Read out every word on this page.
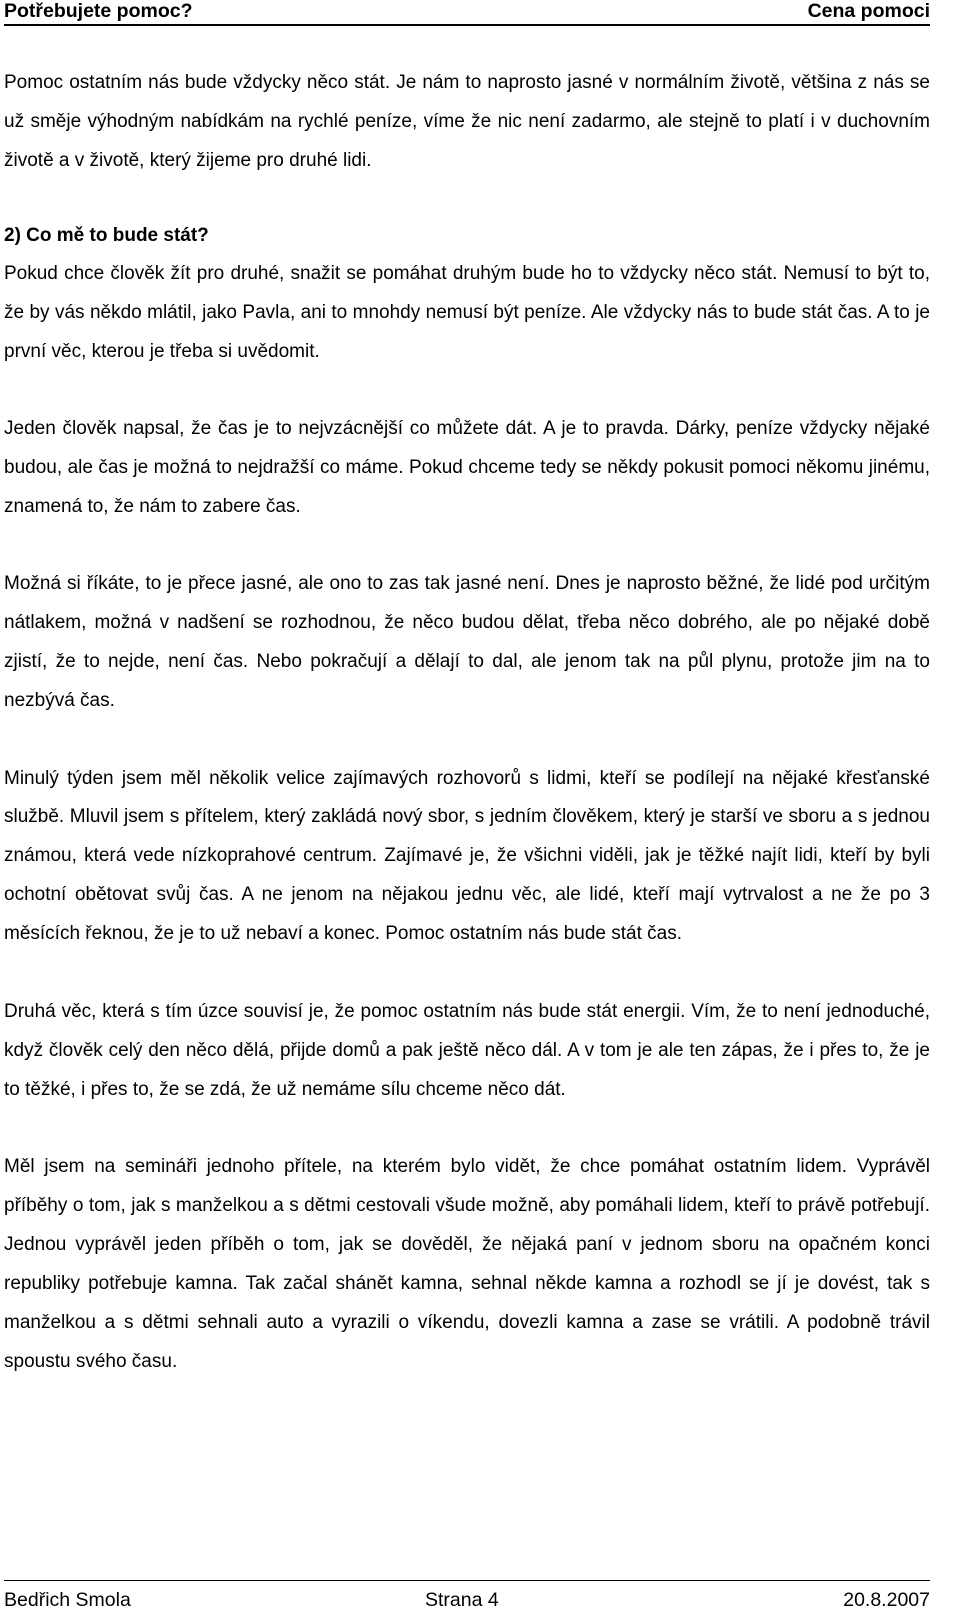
Potřebujete pomoc?	Cena pomoci
Pomoc ostatním nás bude vždycky něco stát. Je nám to naprosto jasné v normálním životě, většina z nás se už směje výhodným nabídkám na rychlé peníze, víme že nic není zadarmo, ale stejně to platí i v duchovním životě a v životě, který žijeme pro druhé lidi.
2) Co mě to bude stát?
Pokud chce člověk žít pro druhé, snažit se pomáhat druhým bude ho to vždycky něco stát. Nemusí to být to, že by vás někdo mlátil, jako Pavla, ani to mnohdy nemusí být peníze. Ale vždycky nás to bude stát čas. A to je první věc, kterou je třeba si uvědomit.
Jeden člověk napsal, že čas je to nejvzácnější co můžete dát. A je to pravda. Dárky, peníze vždycky nějaké budou, ale čas je možná to nejdražší co máme. Pokud chceme tedy se někdy pokusit pomoci někomu jinému, znamená to, že nám to zabere čas.
Možná si říkáte, to je přece jasné, ale ono to zas tak jasné není. Dnes je naprosto běžné, že lidé pod určitým nátlakem, možná v nadšení se rozhodnou, že něco budou dělat, třeba něco dobrého, ale po nějaké době zjistí, že to nejde, není čas. Nebo pokračují a dělají to dal, ale jenom tak na půl plynu, protože jim na to nezbývá čas.
Minulý týden jsem měl několik velice zajímavých rozhovorů s lidmi, kteří se podílejí na nějaké křesťanské službě. Mluvil jsem s přítelem, který zakládá nový sbor, s jedním člověkem, který je starší ve sboru a s jednou známou, která vede nízkoprahové centrum. Zajímavé je, že všichni viděli, jak je těžké najít lidi, kteří by byli ochotní obětovat svůj čas. A ne jenom na nějakou jednu věc, ale lidé, kteří mají vytrvalost a ne že po 3 měsících řeknou, že je to už nebaví a konec. Pomoc ostatním nás bude stát čas.
Druhá věc, která s tím úzce souvisí je, že pomoc ostatním nás bude stát energii. Vím, že to není jednoduché, když člověk celý den něco dělá, přijde domů a pak ještě něco dál. A v tom je ale ten zápas, že i přes to, že je to těžké, i přes to, že se zdá, že už nemáme sílu chceme něco dát.
Měl jsem na semináři jednoho přítele, na kterém bylo vidět, že chce pomáhat ostatním lidem. Vyprávěl příběhy o tom, jak s manželkou a s dětmi cestovali všude možně, aby pomáhali lidem, kteří to právě potřebují. Jednou vyprávěl jeden příběh o tom, jak se dověděl, že nějaká paní v jednom sboru na opačném konci republiky potřebuje kamna. Tak začal shánět kamna, sehnal někde kamna a rozhodl se jí je dovést, tak s manželkou a s dětmi sehnali auto a vyrazili o víkendu, dovezli kamna a zase se vrátili. A podobně trávil spoustu svého času.
Bedřich Smola	Strana 4	20.8.2007
